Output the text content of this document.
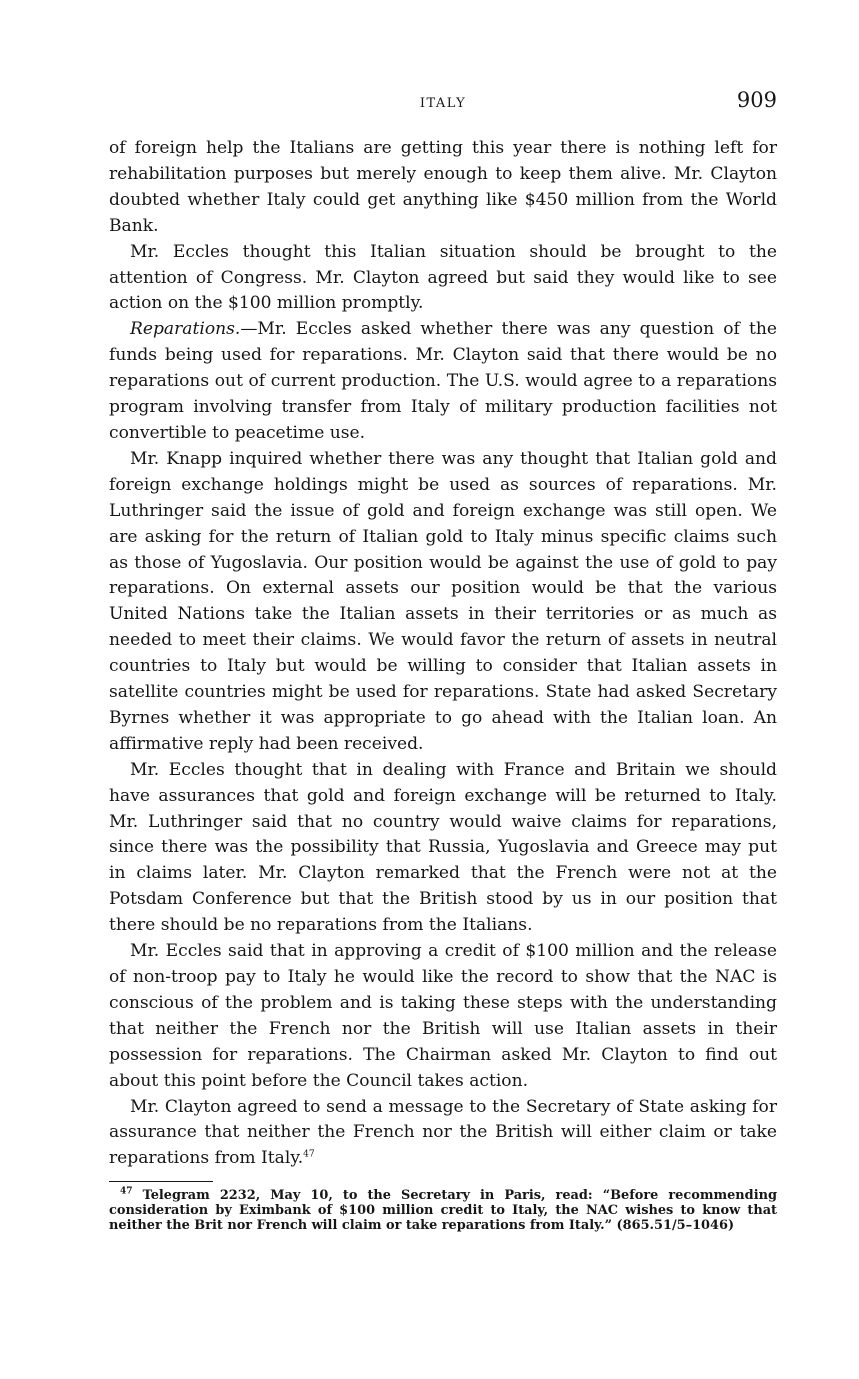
ITALY	909

of foreign help the Italians are getting this year there is nothing left for rehabilitation purposes but merely enough to keep them alive. Mr. Clayton doubted whether Italy could get anything like $450 million from the World Bank.

Mr. Eccles thought this Italian situation should be brought to the attention of Congress. Mr. Clayton agreed but said they would like to see action on the $100 million promptly.

Reparations.—Mr. Eccles asked whether there was any question of the funds being used for reparations. Mr. Clayton said that there would be no reparations out of current production. The U.S. would agree to a reparations program involving transfer from Italy of military production facilities not convertible to peacetime use.

Mr. Knapp inquired whether there was any thought that Italian gold and foreign exchange holdings might be used as sources of reparations. Mr. Luthringer said the issue of gold and foreign exchange was still open. We are asking for the return of Italian gold to Italy minus specific claims such as those of Yugoslavia. Our position would be against the use of gold to pay reparations. On external assets our position would be that the various United Nations take the Italian assets in their territories or as much as needed to meet their claims. We would favor the return of assets in neutral countries to Italy but would be willing to consider that Italian assets in satellite countries might be used for reparations. State had asked Secretary Byrnes whether it was appropriate to go ahead with the Italian loan. An affirmative reply had been received.

Mr. Eccles thought that in dealing with France and Britain we should have assurances that gold and foreign exchange will be returned to Italy. Mr. Luthringer said that no country would waive claims for reparations, since there was the possibility that Russia, Yugoslavia and Greece may put in claims later. Mr. Clayton remarked that the French were not at the Potsdam Conference but that the British stood by us in our position that there should be no reparations from the Italians.

Mr. Eccles said that in approving a credit of $100 million and the release of non-troop pay to Italy he would like the record to show that the NAC is conscious of the problem and is taking these steps with the understanding that neither the French nor the British will use Italian assets in their possession for reparations. The Chairman asked Mr. Clayton to find out about this point before the Council takes action.

Mr. Clayton agreed to send a message to the Secretary of State asking for assurance that neither the French nor the British will either claim or take reparations from Italy.$^{47}$

$^{47}$ Telegram 2232, May 10, to the Secretary in Paris, read: “Before recommending consideration by Eximbank of $100 million credit to Italy, the NAC wishes to know that neither the Brit nor French will claim or take reparations from Italy.” (865.51/5–1046)
